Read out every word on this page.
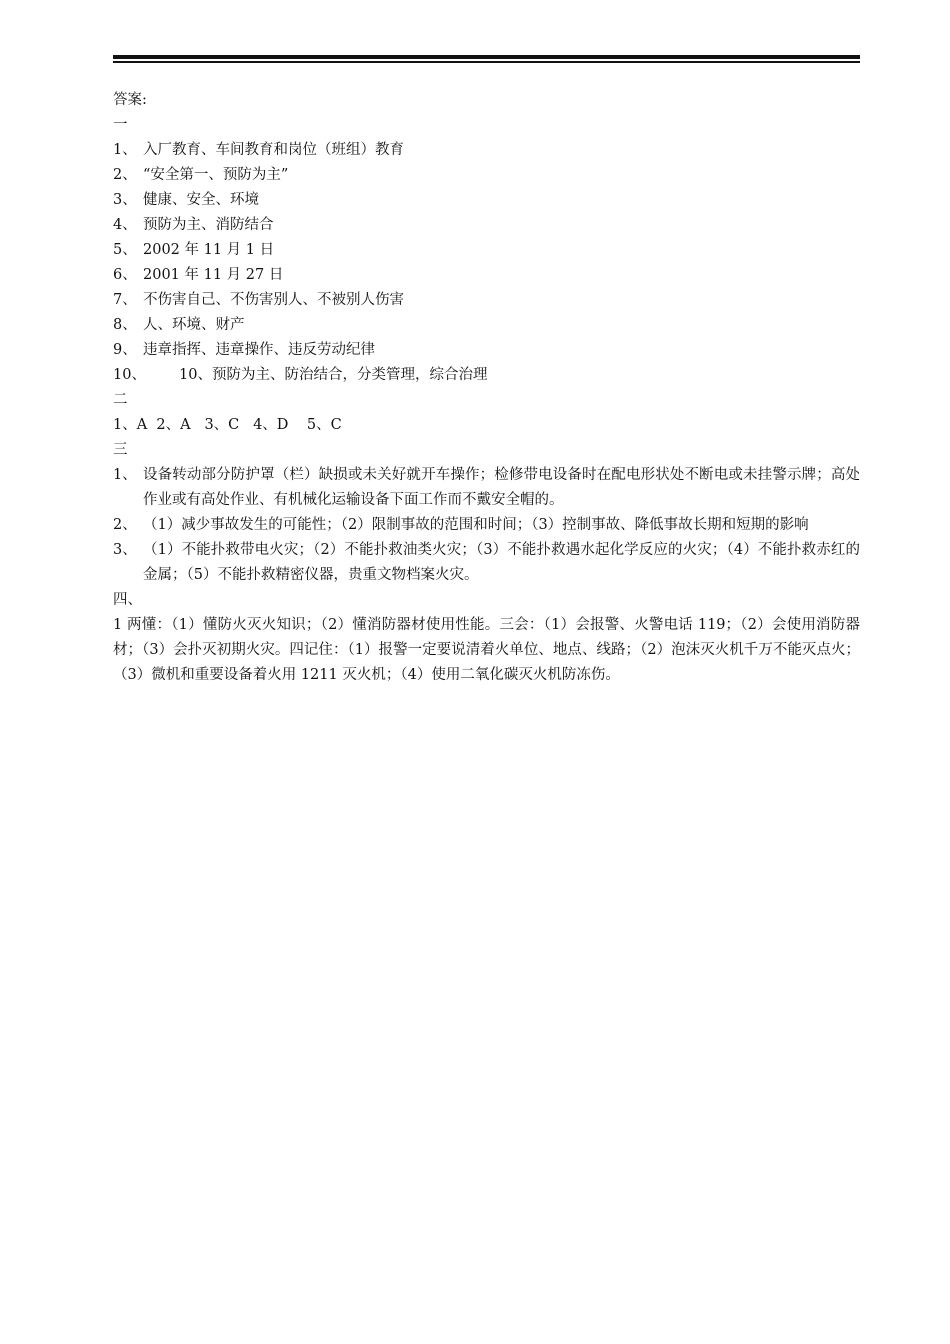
答案:
一
1、 入厂教育、车间教育和岗位（班组）教育
2、 “安全第一、预防为主”
3、 健康、安全、环境
4、 预防为主、消防结合
5、 2002 年 11 月 1 日
6、 2001 年 11 月 27 日
7、 不伤害自己、不伤害别人、不被别人伤害
8、 人、环境、财产
9、 违章指挥、违章操作、违反劳动纪律
10、	10、预防为主、防治结合，分类管理，综合治理
二
1、A  2、A   3、C   4、D    5、C
三
1、 设备转动部分防护罩（栏）缺损或未关好就开车操作；检修带电设备时在配电形状处不断电或未挂警示牌；高处作业或有高处作业、有机械化运输设备下面工作而不戴安全帽的。
2、 （1）减少事故发生的可能性；（2）限制事故的范围和时间；（3）控制事故、降低事故长期和短期的影响
3、 （1）不能扑救带电火灾；（2）不能扑救油类火灾；（3）不能扑救遇水起化学反应的火灾；（4）不能扑救赤红的金属；（5）不能扑救精密仪器，贵重文物档案火灾。
四、
1 两懂：（1）懂防火灭火知识；（2）懂消防器材使用性能。三会：（1）会报警、火警电话 119；（2）会使用消防器材；（3）会扑灭初期火灾。四记住：（1）报警一定要说清着火单位、地点、线路；（2）泡沫灭火机千万不能灭点火；（3）微机和重要设备着火用 1211 灭火机；（4）使用二氧化碳灭火机防冻伤。
